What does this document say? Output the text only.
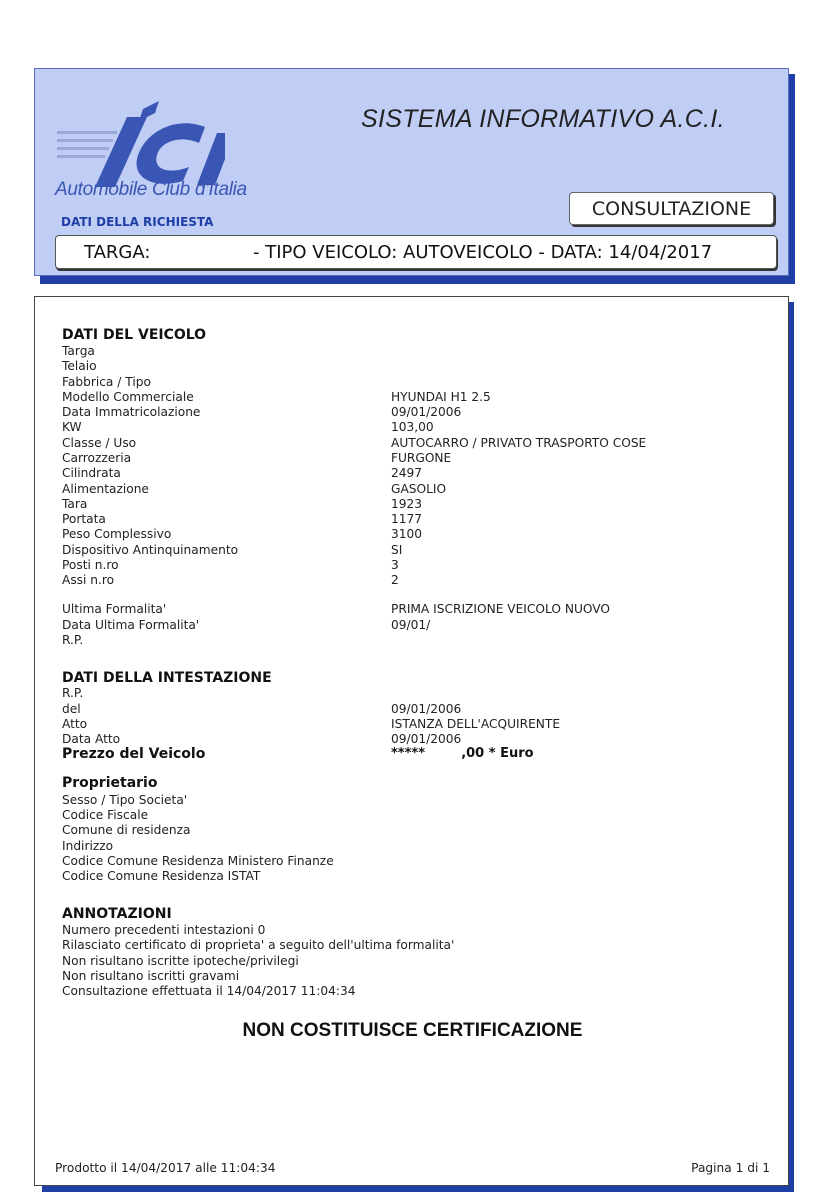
Automobile Club d'Italia
SISTEMA INFORMATIVO A.C.I.
CONSULTAZIONE
DATI DELLA RICHIESTA
TARGA:	- TIPO VEICOLO: AUTOVEICOLO - DATA: 14/04/2017
DATI DEL VEICOLO
Targa
Telaio
Fabbrica / Tipo
Modello Commerciale	HYUNDAI H1 2.5
Data Immatricolazione	09/01/2006
KW	103,00
Classe / Uso	AUTOCARRO / PRIVATO TRASPORTO COSE
Carrozzeria	FURGONE
Cilindrata	2497
Alimentazione	GASOLIO
Tara	1923
Portata	1177
Peso Complessivo	3100
Dispositivo Antinquinamento	SI
Posti n.ro	3
Assi n.ro	2
Ultima Formalita'	PRIMA ISCRIZIONE VEICOLO NUOVO
Data Ultima Formalita'	09/01/
R.P.
DATI DELLA INTESTAZIONE
R.P.
del	09/01/2006
Atto	ISTANZA DELL'ACQUIRENTE
Data Atto	09/01/2006
Prezzo del Veicolo	*****        ,00 * Euro
Proprietario
Sesso / Tipo Societa'
Codice Fiscale
Comune di residenza
Indirizzo
Codice Comune Residenza Ministero Finanze
Codice Comune Residenza ISTAT
ANNOTAZIONI
Numero precedenti intestazioni 0
Rilasciato certificato di proprieta' a seguito dell'ultima formalita'
Non risultano iscritte ipoteche/privilegi
Non risultano iscritti gravami
Consultazione effettuata il 14/04/2017 11:04:34
NON COSTITUISCE CERTIFICAZIONE
Prodotto il 14/04/2017 alle 11:04:34	Pagina 1 di 1
